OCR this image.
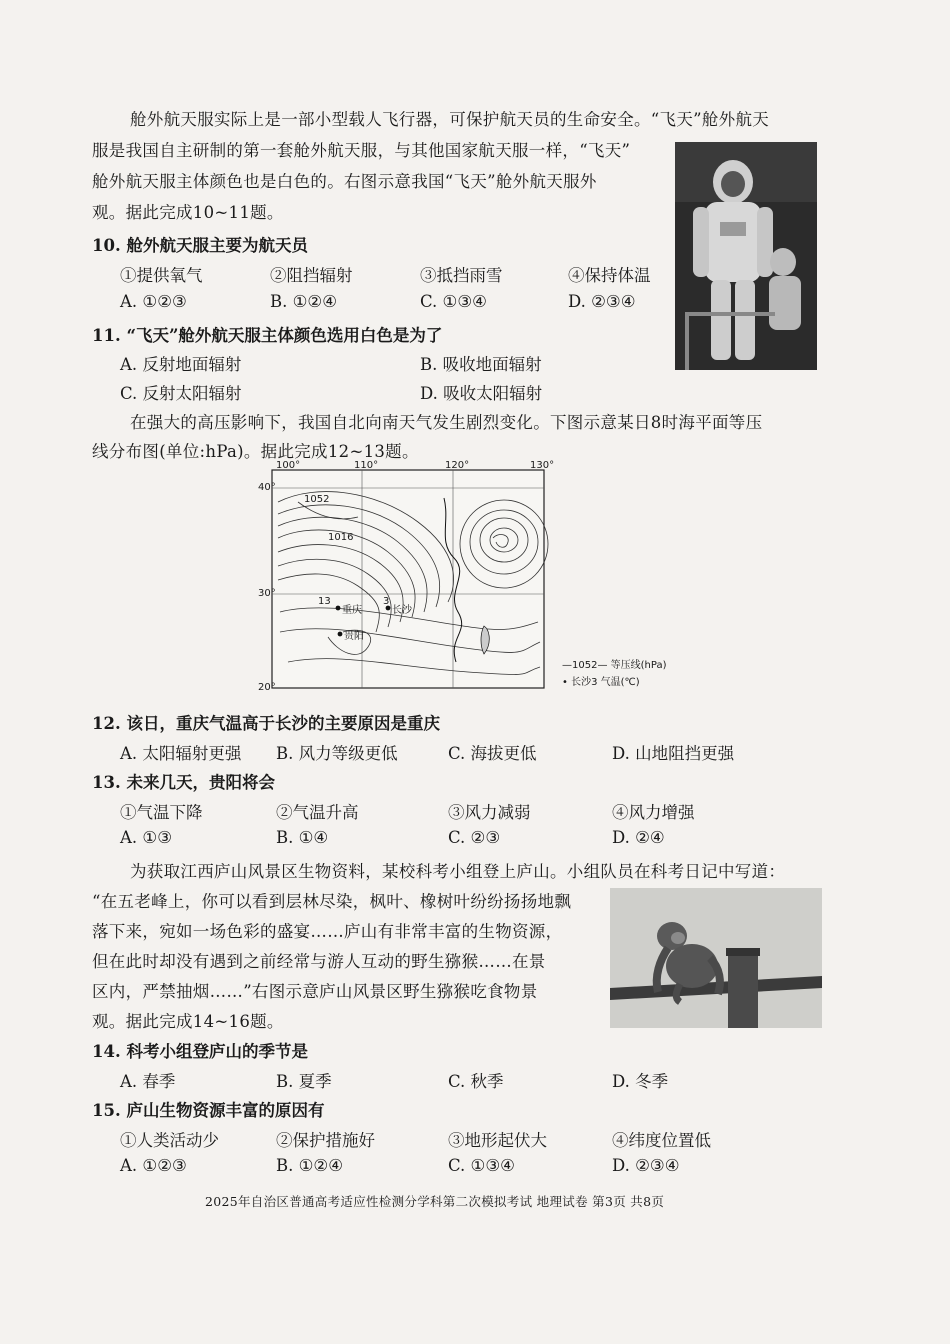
舱外航天服实际上是一部小型载人飞行器，可保护航天员的生命安全。“飞天”舱外航天
服是我国自主研制的第一套舱外航天服，与其他国家航天服一样，“飞天”
舱外航天服主体颜色也是白色的。右图示意我国“飞天”舱外航天服外
观。据此完成10~11题。
10. 舱外航天服主要为航天员
①提供氧气	②阻挡辐射	③抵挡雨雪	④保持体温
A. ①②③	B. ①②④	C. ①③④	D. ②③④
11. “飞天”舱外航天服主体颜色选用白色是为了
A. 反射地面辐射	B. 吸收地面辐射
C. 反射太阳辐射	D. 吸收太阳辐射
在强大的高压影响下，我国自北向南天气发生剧烈变化。下图示意某日8时海平面等压
线分布图(单位:hPa)。据此完成12~13题。
100°	110°	120°	130°
40°
30°
20°
1052
1016
13
重庆
3
长沙
贵阳
—1052— 等压线(hPa)
• 长沙3 气温(℃)
12. 该日，重庆气温高于长沙的主要原因是重庆
A. 太阳辐射更强 B. 风力等级更低	C. 海拔更低	D. 山地阻挡更强
13. 未来几天，贵阳将会
①气温下降	②气温升高	③风力减弱	④风力增强
A. ①③	B. ①④	C. ②③	D. ②④
为获取江西庐山风景区生物资料，某校科考小组登上庐山。小组队员在科考日记中写道：
“在五老峰上，你可以看到层林尽染，枫叶、橡树叶纷纷扬扬地飘
落下来，宛如一场色彩的盛宴……庐山有非常丰富的生物资源，
但在此时却没有遇到之前经常与游人互动的野生猕猴……在景
区内，严禁抽烟……”右图示意庐山风景区野生猕猴吃食物景
观。据此完成14~16题。
14. 科考小组登庐山的季节是
A. 春季	B. 夏季	C. 秋季	D. 冬季
15. 庐山生物资源丰富的原因有
①人类活动少	②保护措施好	③地形起伏大	④纬度位置低
A. ①②③	B. ①②④	C. ①③④	D. ②③④
2025年自治区普通高考适应性检测分学科第二次模拟考试 地理试卷 第3页 共8页
